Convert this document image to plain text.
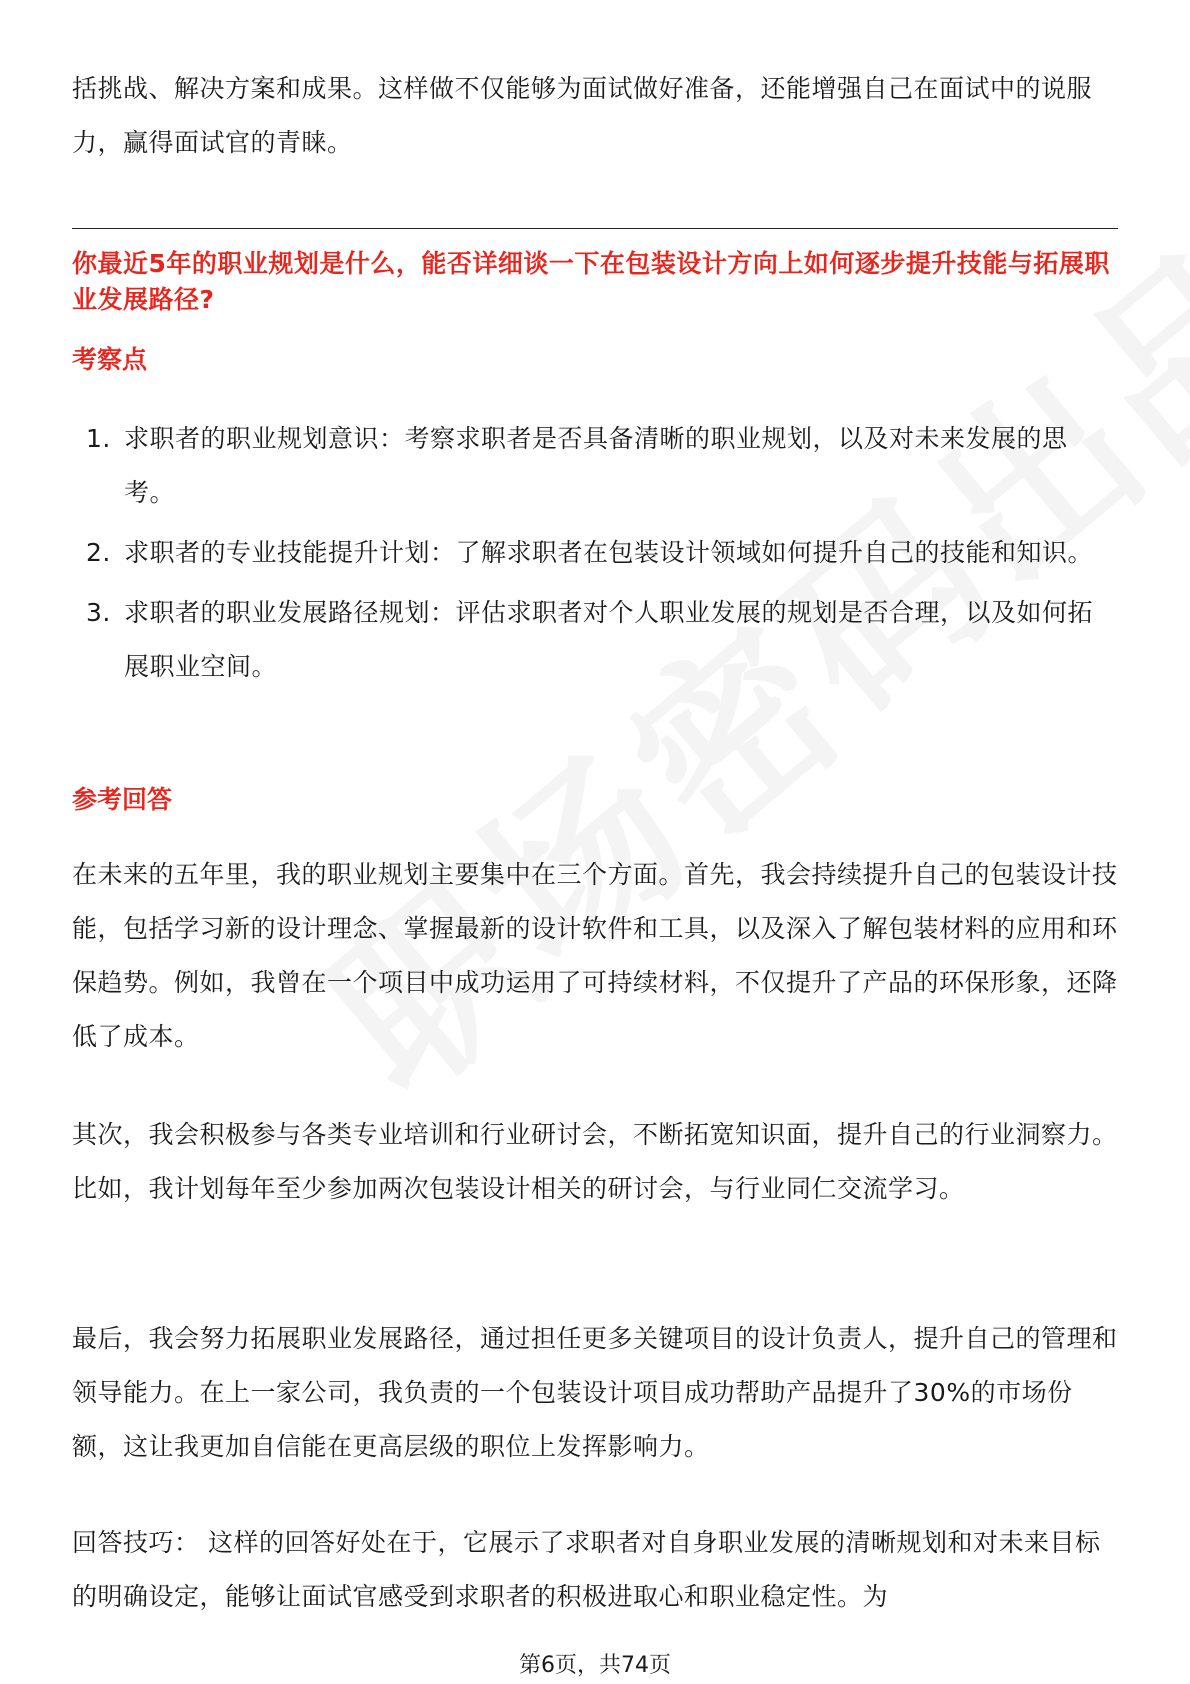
括挑战、解决方案和成果。这样做不仅能够为面试做好准备，还能增强自己在面试中的说服力，赢得面试官的青睐。

你最近5年的职业规划是什么，能否详细谈一下在包装设计方向上如何逐步提升技能与拓展职业发展路径?

考察点

1. 求职者的职业规划意识：考察求职者是否具备清晰的职业规划，以及对未来发展的思考。
2. 求职者的专业技能提升计划：了解求职者在包装设计领域如何提升自己的技能和知识。
3. 求职者的职业发展路径规划：评估求职者对个人职业发展的规划是否合理，以及如何拓展职业空间。

参考回答

在未来的五年里，我的职业规划主要集中在三个方面。首先，我会持续提升自己的包装设计技能，包括学习新的设计理念、掌握最新的设计软件和工具，以及深入了解包装材料的应用和环保趋势。例如，我曾在一个项目中成功运用了可持续材料，不仅提升了产品的环保形象，还降低了成本。

其次，我会积极参与各类专业培训和行业研讨会，不断拓宽知识面，提升自己的行业洞察力。比如，我计划每年至少参加两次包装设计相关的研讨会，与行业同仁交流学习。

最后，我会努力拓展职业发展路径，通过担任更多关键项目的设计负责人，提升自己的管理和领导能力。在上一家公司，我负责的一个包装设计项目成功帮助产品提升了30%的市场份额，这让我更加自信能在更高层级的职位上发挥影响力。

回答技巧： 这样的回答好处在于，它展示了求职者对自身职业发展的清晰规划和对未来目标的明确设定，能够让面试官感受到求职者的积极进取心和职业稳定性。为

第6页，共74页
